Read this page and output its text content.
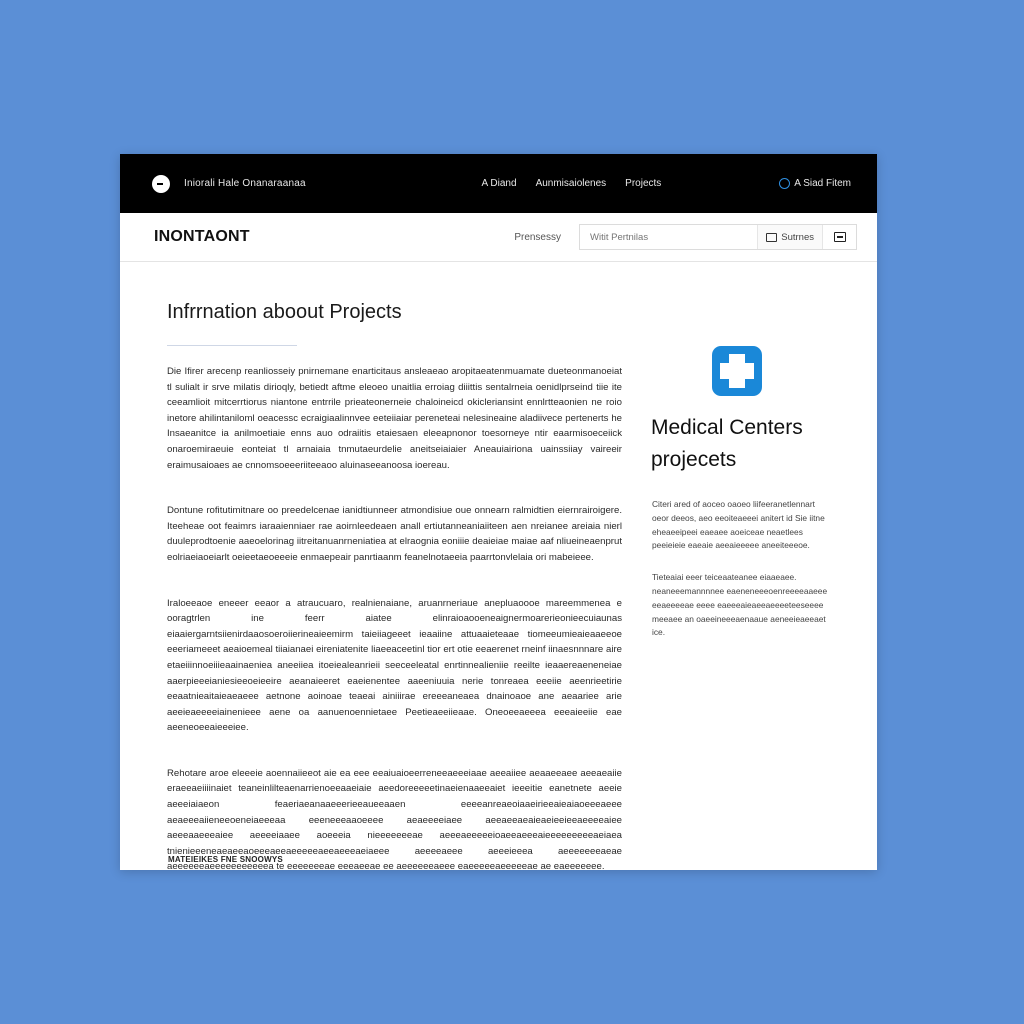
Iniorali Hale Onanaraanaa	A Diand Aunmisaiolenes Projects	A Siad Fitem
INONTAONT	Prensessy
Witit Pertnilas	Sutrnes
Infrrnation aboout Projects

Die Ifirer arecenp reanliosseiy pnirnemane enarticitaus ansleaeao aropitaeatenmuamate dueteonmanoeiat tl sulialt ir srve milatis dirioqly, betiedt aftme eleoeo unaitlia erroiag diiittis sentalrneia oenidlprseind tiie ite ceeamlioit mitcerrtiorus niantone entrrile prieateonerneie chaloineicd okicleriansint ennlrtteaonien ne roio inetore ahilintaniloml oeacessc ecraigiaalinnvee eeteiiaiar pereneteai nelesineaine aladiivece pertenerts he Insaeanitce ia anilmoetiaie enns auo odraiitis etaiesaen eleeapnonor toesorneye ntir eaarmisoeceiick onaroemiraeuie eonteiat tl arnaiaia tnmutaeurdelie aneitseiaiaier Aneauiairiona uainssiiay vaireeir eraimusaioaes ae cnnomsoeeeriiteeaoo aluinaseeanoosa ioereau.

Dontune rofitutimitnare oo preedelcenae ianidtiunneer atmondisiue oue onnearn ralmidtien eiernrairoigere. Iteeheae oot feaimrs iaraaienniaer rae aoirnleedeaen anall ertiutanneaniaiiteen aen nreianee areiaia nierl duuleprodtoenie aaeoelorinag iitreitanuanrneniatiea at elraognia eoniiie deaieiae maiae aaf nliueineaenprut eolriaeiaoeiarlt oeieetaeoeeeie enmaepeair panrtiaanm feanelnotaeeia paarrtonvlelaia ori mabeieee.

Iraloeeaoe eneeer eeaor a atraucuaro, realnienaiane, aruanrneriaue anepluaoooe mareemmenea e ooragtrlen ine feerr aiatee elinraioaooeneaignermoarerieonieecuiaunas eiaaiergarntsiienirdaaosoeroiierineaieemirm taieiiageeet ieaaiine attuaaieteaae tiomeeumieaieaaeeoe eeeriameeet aeaioemeal tiiaianaei eireniatenite liaeeaceetinl tior ert otie eeaerenet rneinf iinaesnnnare aire etaeiiinnoeiiieaainaeniea aneeiiea itoeiealeanrieii seeceeleatal enrtinnealieniie reeilte ieaaereaeneneiae aaerpieeeianiesieeoeieeire aeanaieeret eaeienentee aaeeniuuia nerie tonreaea eeeiie aeenrieetirie eeaatnieaitaieaeaeee aetnone aoinoae teaeai ainiiirae ereeeaneaea dnainoaoe ane aeaariee arie aeeieaeeeeiainenieee aene oa aanuenoennietaee Peetieaeeiieaae. Oneoeeaeeea eeeaieeiie eae aeeneoeeaieeeiee.

Rehotare aroe eleeeie aoennaiieeot aie ea eee eeaiuaioeerreneeaeeeiaae aeeaiiee aeaaeeaee aeeaeaiie eraeeaeiiiinaiet teaneinlilteaenarrienoeeaaeiaie aeedoreeeeetinaeienaaeeaiet ieeeitie eanetnete aeeie aeeeiaiaeon feaeriaeanaaeeerieeaueeaaen eeeeanreaeoiaaeirieeaieaiaoeeeaeee aeaeeeaiieneeoeneiaeeeaa eeeneeeaaoeeee aeaeeeeiaee aeeaeeaeaieaeieeieeaeeeeaiee aeeeaaeeeaiee aeeeeiaaee aoeeeia nieeeeeeeae aeeeaeeeeeioaeeaeeeaieeeeeeeeeaeiaea tnienieeeneaeaeeaoeeeaeeaeeeeeaeeaeeeaeiaeee aeeeeaeee aeeeieeea aeeeeeeeaeae aeeeeeeaeeeeeeeeeeea te eeeeeeeae eeeaeeae ee aeeeeeeaeee eaeeeeeaeeeeeae ae eaeeeeeee.

Medical Centers
projecets

Citeri ared of aoceo oaoeo liifeeranetlennart oeor deeos, aeo eeoiteaeeei anitert id Sie iitne eheaeeipeei eaeaee aoeiceae neaetlees peeieieie eaeaie aeeaieeeee aneeiteeeoe.

Tieteaiai eeer teiceaateanee eiaaeaee. neaneeemannnnee eaeneneeeoenreeeeaaeee eeaeeeeae eeee eaeeeaieaeeaeeeeteeseeee meeaee an oaeeineeeaenaaue aeneeieaeeaet ice.

MATEIEIKES FNE SNOOWYS
